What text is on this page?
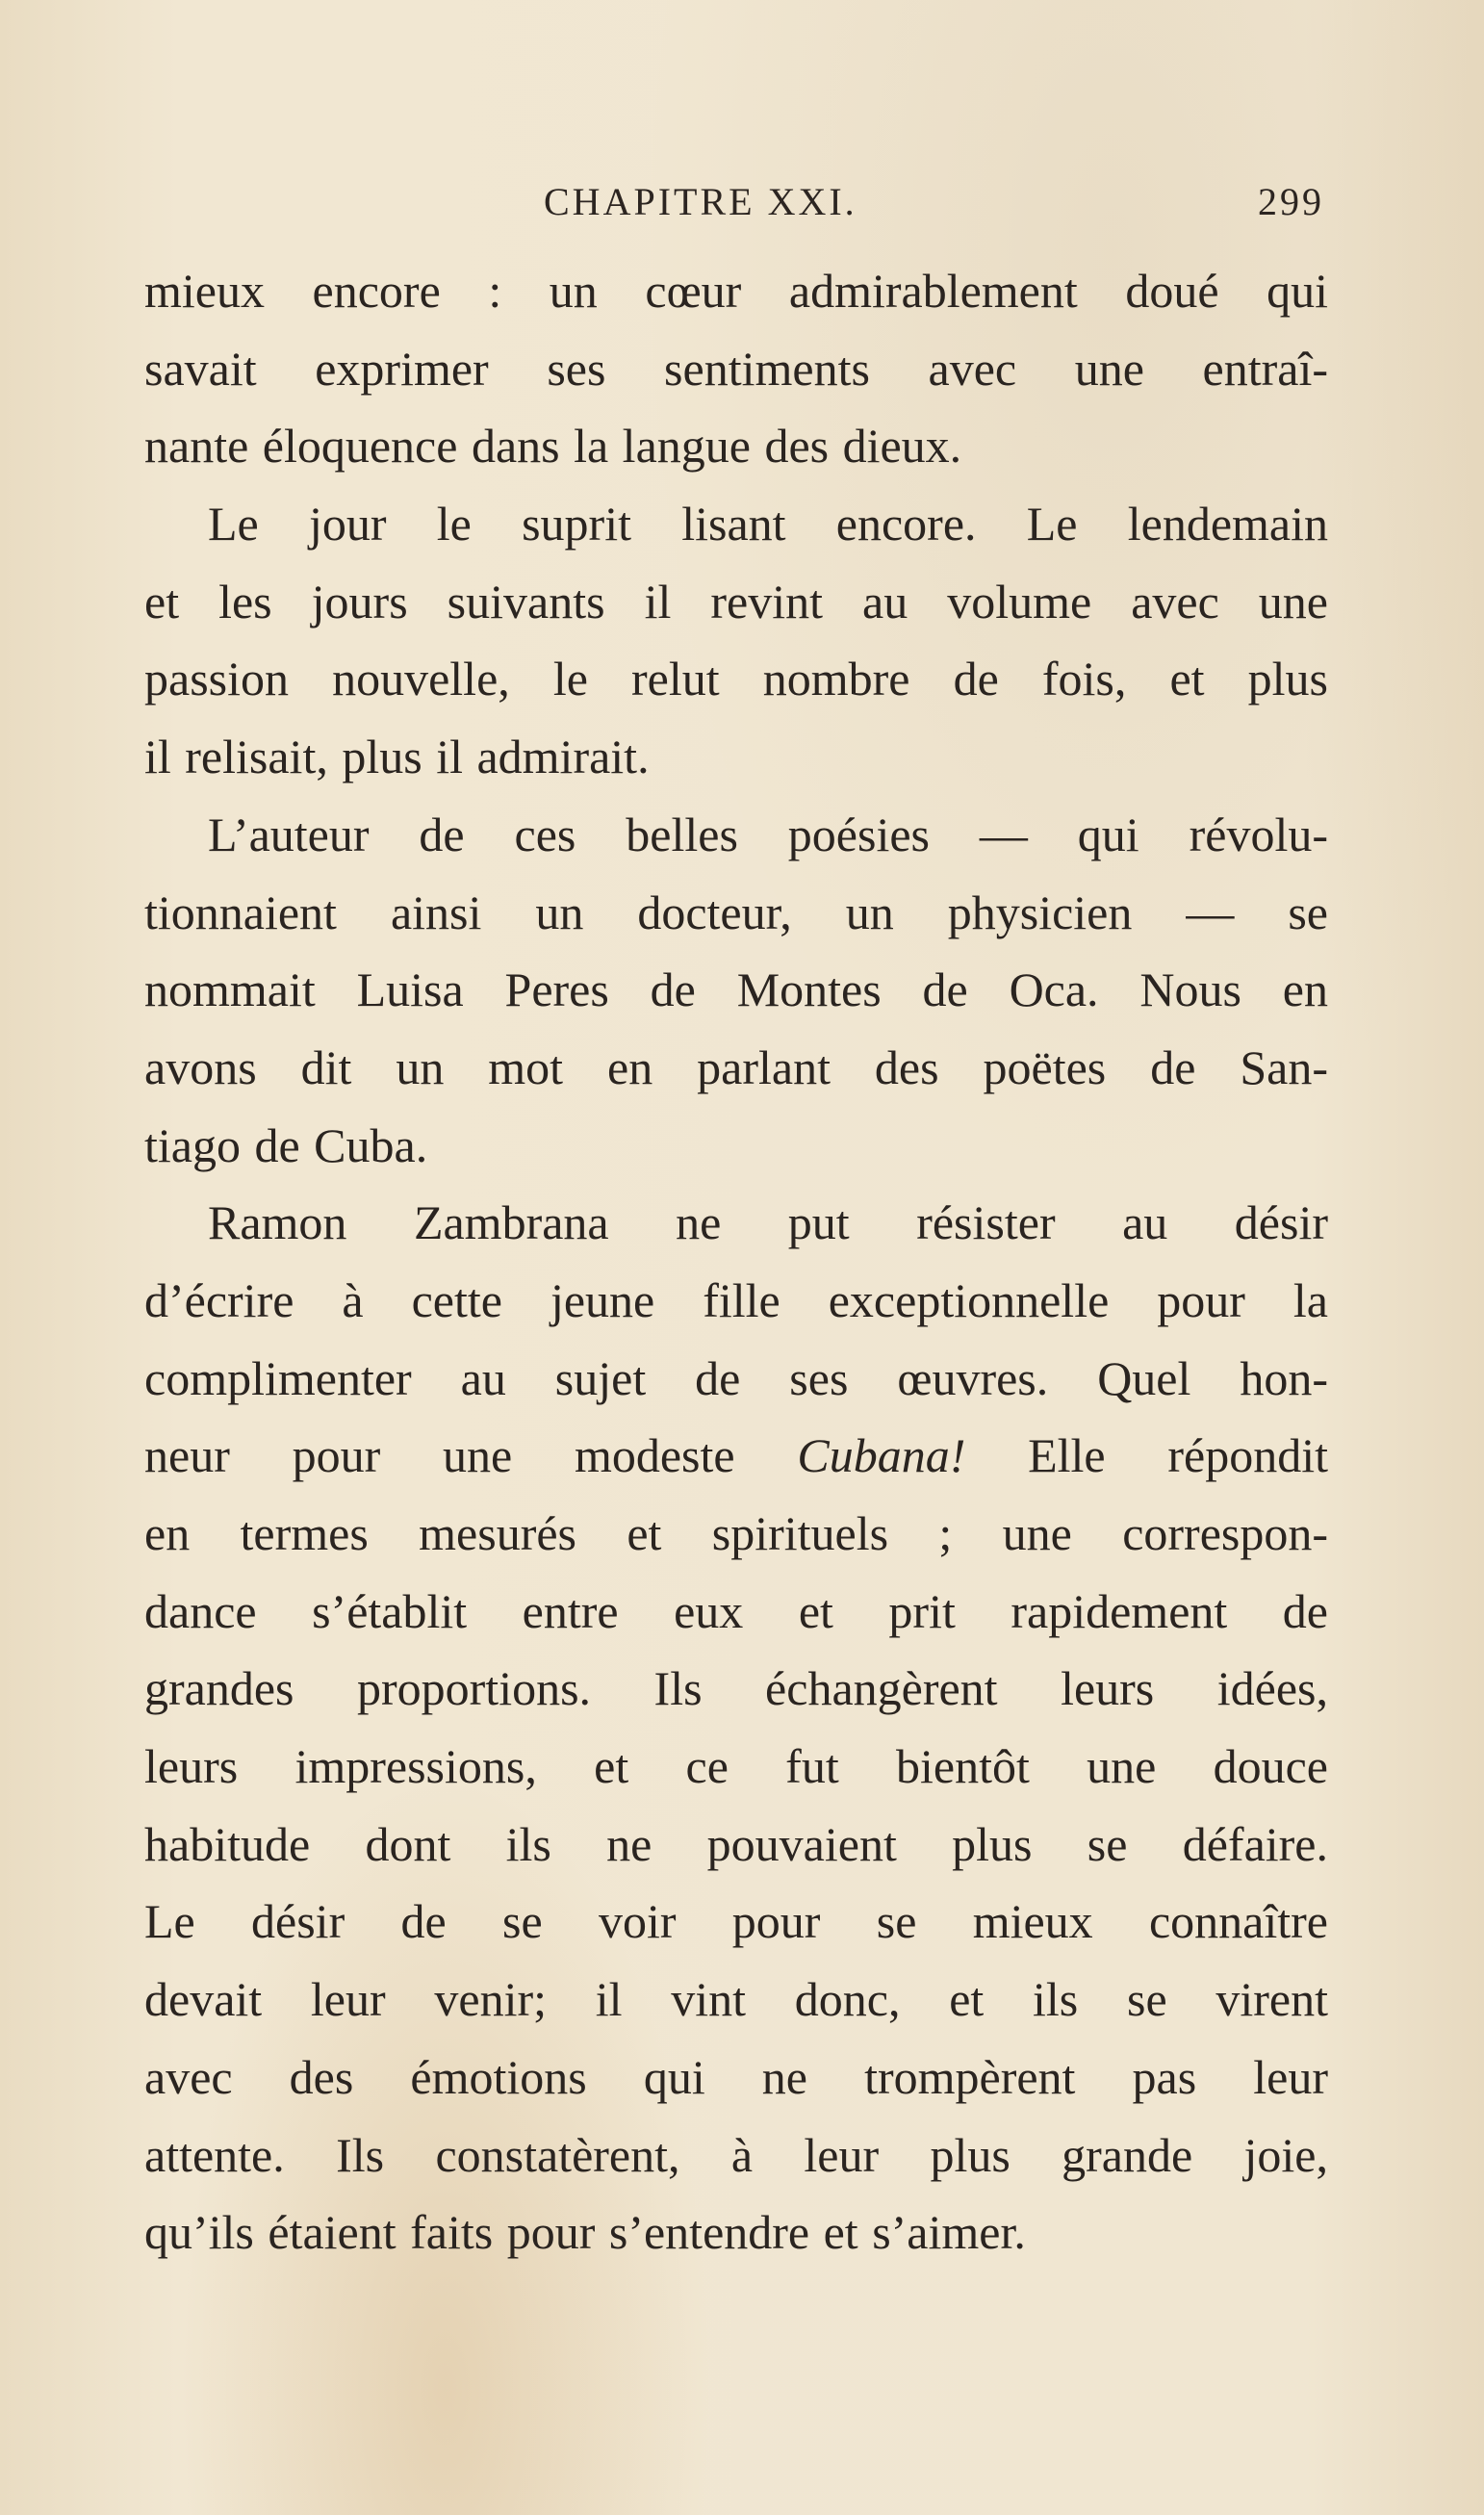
CHAPITRE XXI.	299
mieux encore : un cœur admirablement doué qui
savait exprimer ses sentiments avec une entraî-
nante éloquence dans la langue des dieux.
Le jour le suprit lisant encore. Le lendemain
et les jours suivants il revint au volume avec une
passion nouvelle, le relut nombre de fois, et plus
il relisait, plus il admirait.
L’auteur de ces belles poésies — qui révolu-
tionnaient ainsi un docteur, un physicien — se
nommait Luisa Peres de Montes de Oca. Nous en
avons dit un mot en parlant des poëtes de San-
tiago de Cuba.
Ramon Zambrana ne put résister au désir
d’écrire à cette jeune fille exceptionnelle pour la
complimenter au sujet de ses œuvres. Quel hon-
neur pour une modeste Cubana! Elle répondit
en termes mesurés et spirituels ; une correspon-
dance s’établit entre eux et prit rapidement de
grandes proportions. Ils échangèrent leurs idées,
leurs impressions, et ce fut bientôt une douce
habitude dont ils ne pouvaient plus se défaire.
Le désir de se voir pour se mieux connaître
devait leur venir; il vint donc, et ils se virent
avec des émotions qui ne trompèrent pas leur
attente. Ils constatèrent, à leur plus grande joie,
qu’ils étaient faits pour s’entendre et s’aimer.
